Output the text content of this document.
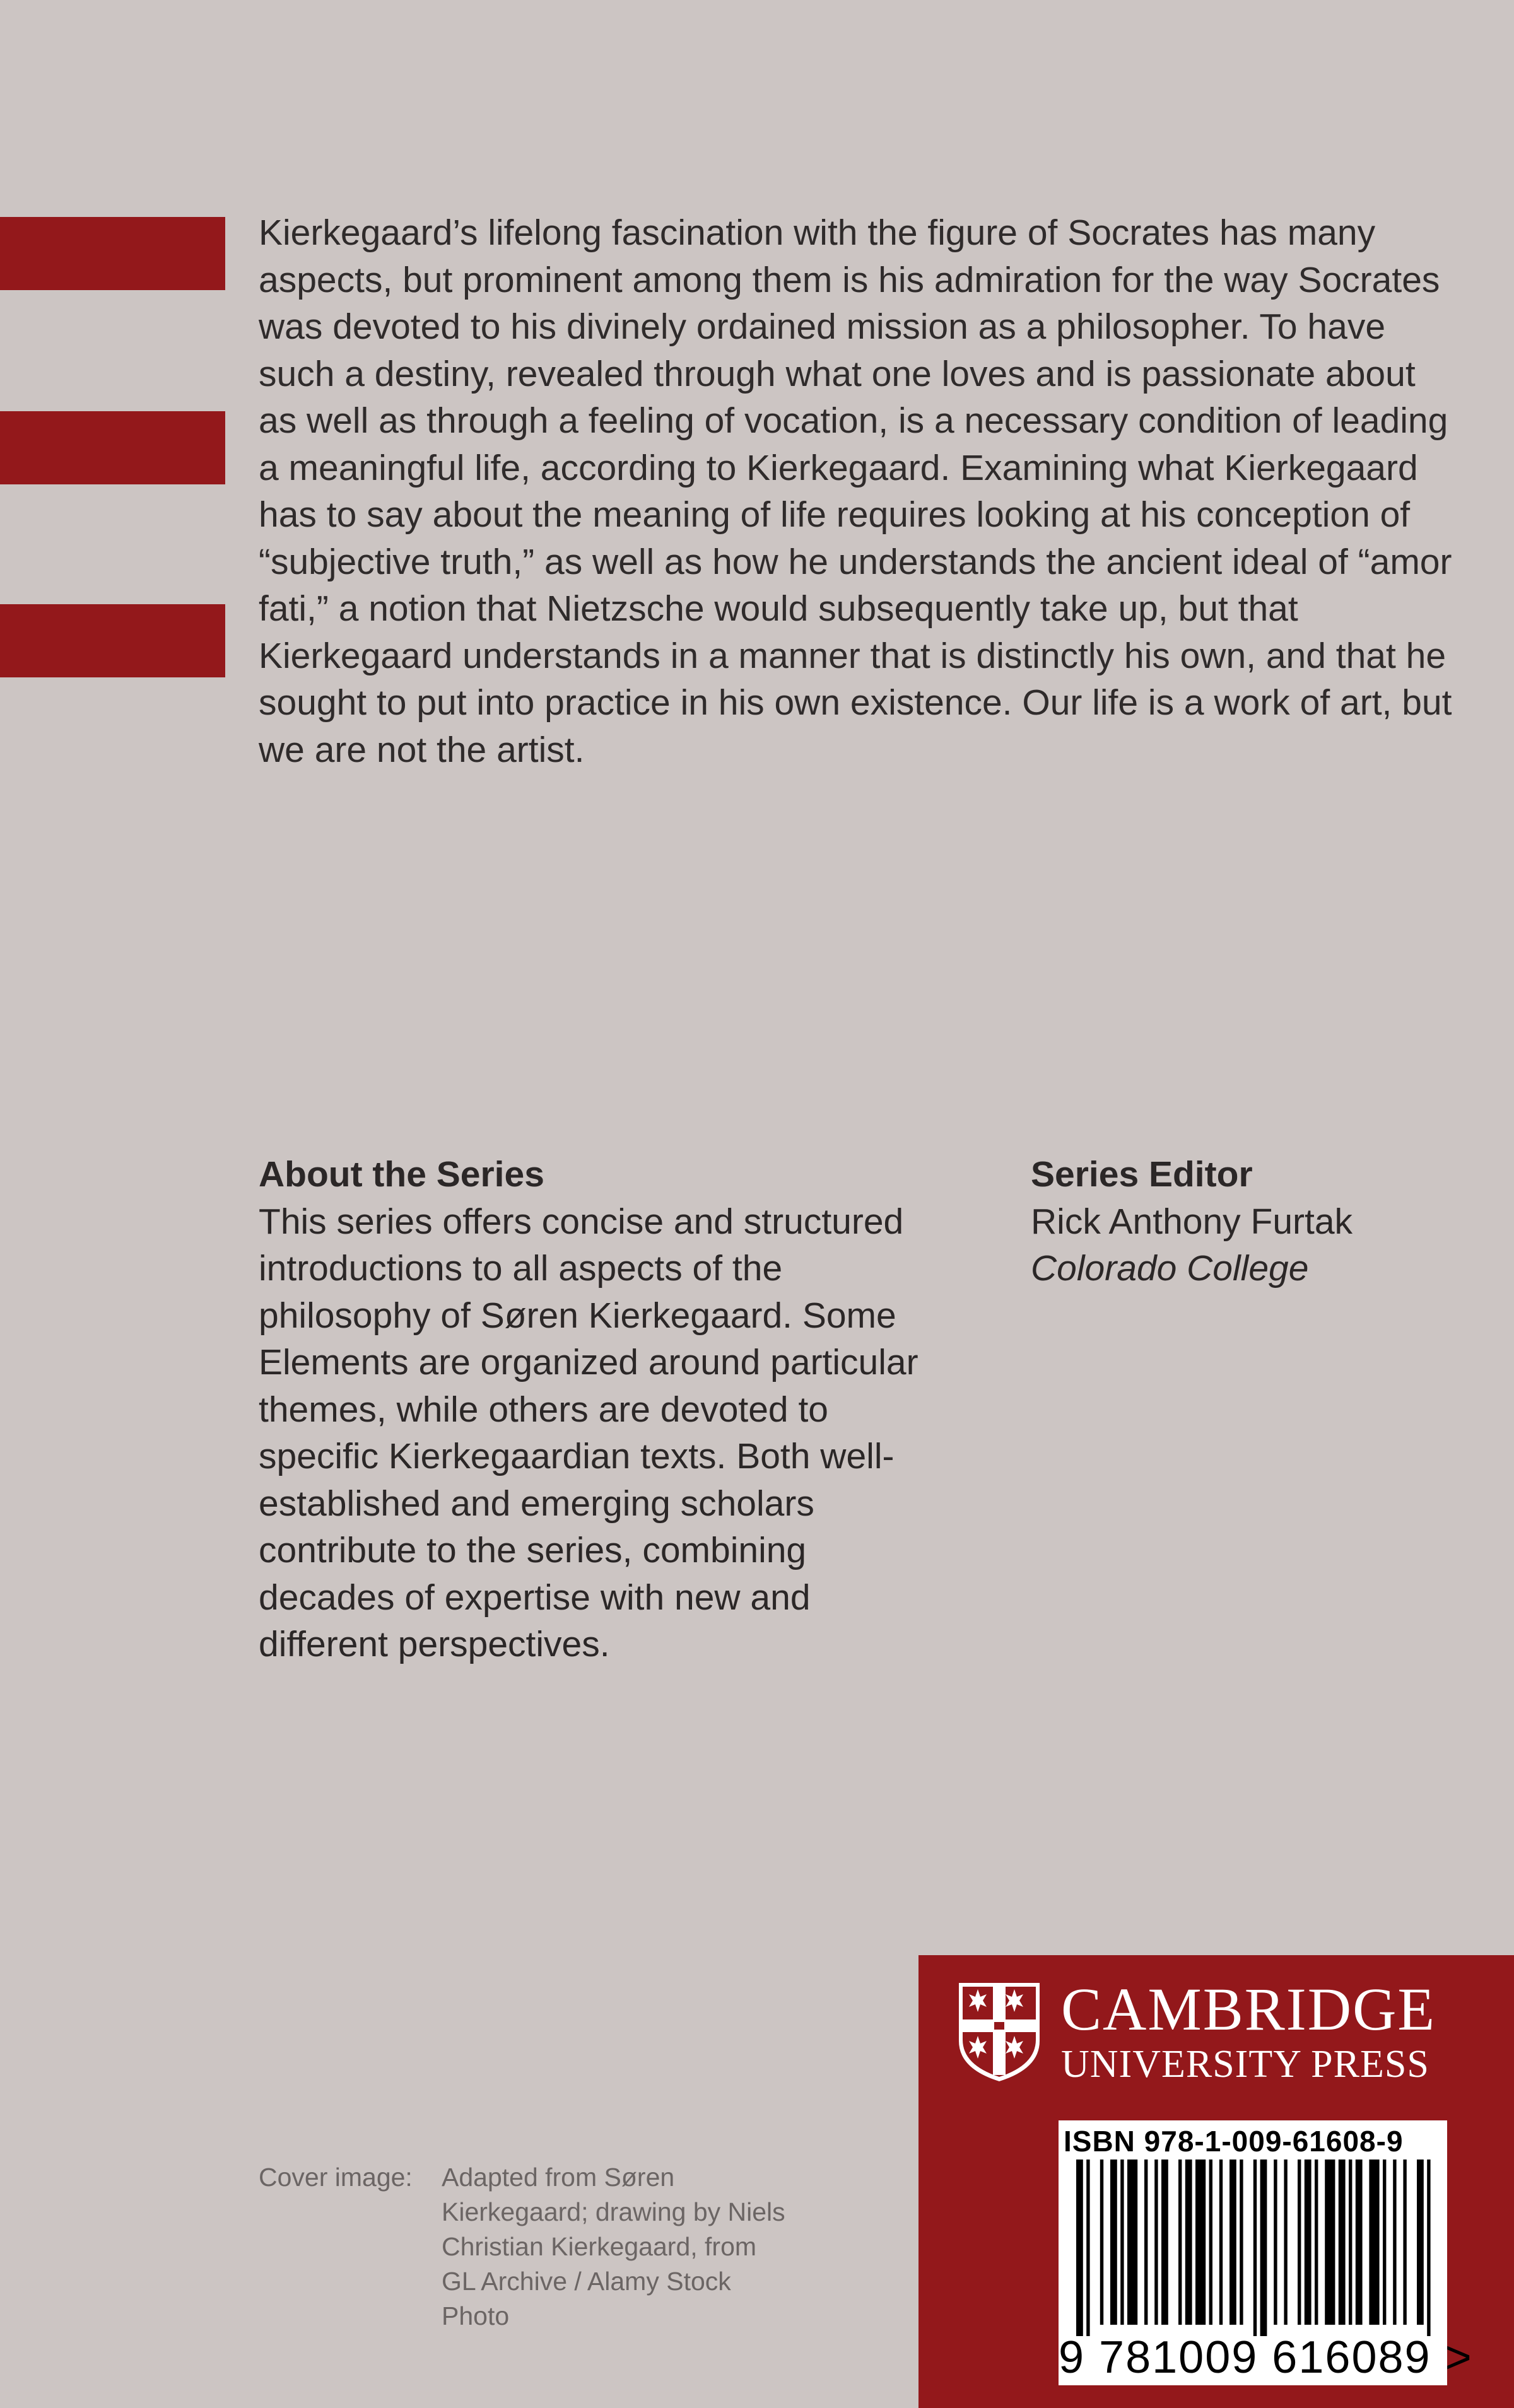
Kierkegaard’s lifelong fascination with the figure of Socrates has many aspects, but prominent among them is his admiration for the way Socrates was devoted to his divinely ordained mission as a philosopher. To have such a destiny, revealed through what one loves and is passionate about as well as through a feeling of vocation, is a necessary condition of leading a meaningful life, according to Kierkegaard. Examining what Kierkegaard has to say about the meaning of life requires looking at his conception of “subjective truth,” as well as how he understands the ancient ideal of “amor fati,” a notion that Nietzsche would subsequently take up, but that Kierkegaard understands in a manner that is distinctly his own, and that he sought to put into practice in his own existence. Our life is a work of art, but we are not the artist.

About the Series

This series offers concise and structured introductions to all aspects of the philosophy of Søren Kierkegaard. Some Elements are organized around particular themes, while others are devoted to specific Kierkegaardian texts. Both well-established and emerging scholars contribute to the series, combining decades of expertise with new and different perspectives.

Series Editor

Rick Anthony Furtak

Colorado College

Cover image:	Adapted from Søren Kierkegaard; drawing by Niels Christian Kierkegaard, from GL Archive / Alamy Stock Photo
CAMBRIDGE
UNIVERSITY PRESS
ISBN 978-1-009-61608-9
9 781009 616089 >
